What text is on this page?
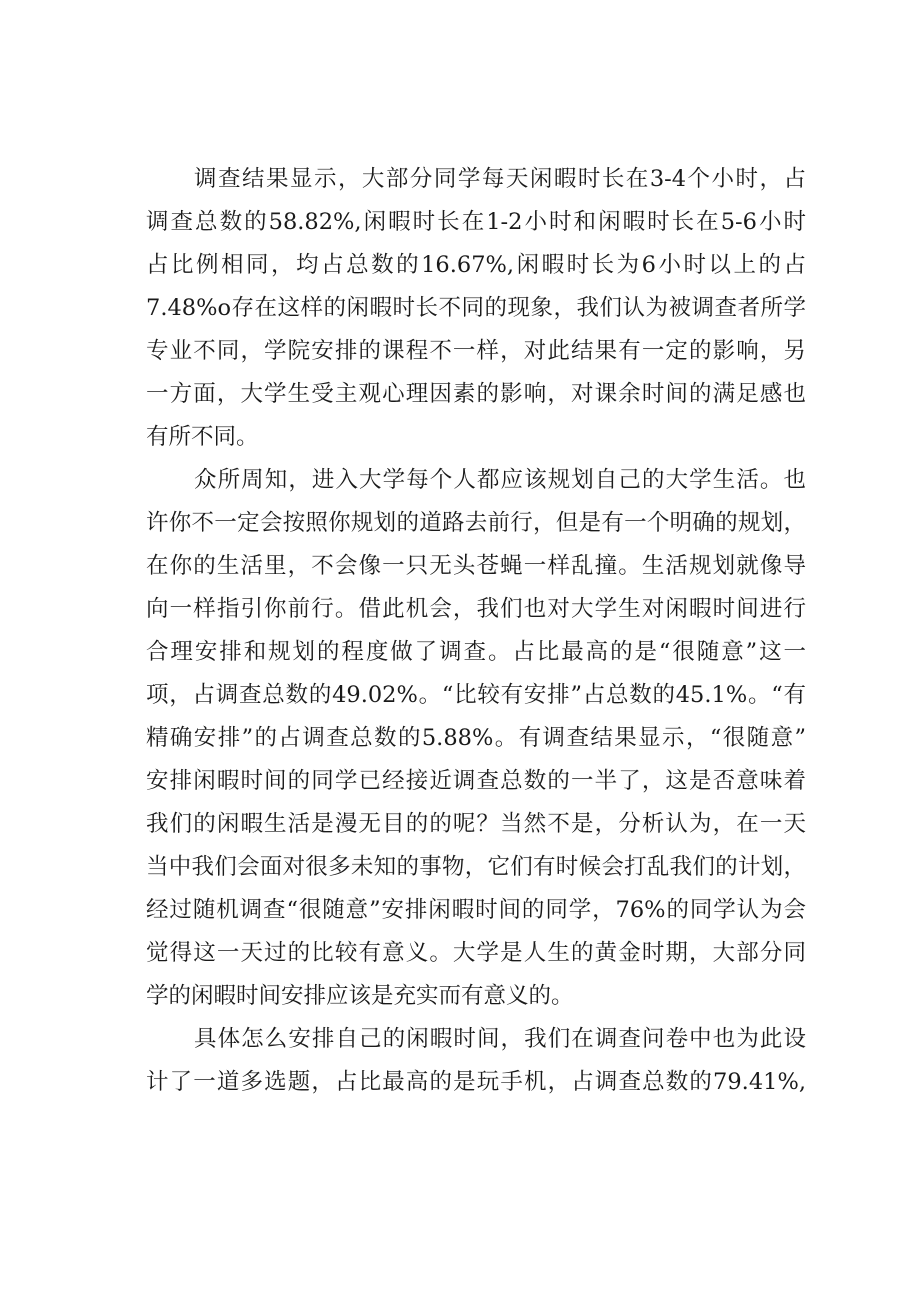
调查结果显示，大部分同学每天闲暇时长在3-4个小时，占
调查总数的58.82%,闲暇时长在1-2小时和闲暇时长在5-6小时
占比例相同，均占总数的16.67%,闲暇时长为6小时以上的占
7.48%o存在这样的闲暇时长不同的现象，我们认为被调查者所学
专业不同，学院安排的课程不一样，对此结果有一定的影响，另
一方面，大学生受主观心理因素的影响，对课余时间的满足感也
有所不同。
众所周知，进入大学每个人都应该规划自己的大学生活。也
许你不一定会按照你规划的道路去前行，但是有一个明确的规划，
在你的生活里，不会像一只无头苍蝇一样乱撞。生活规划就像导
向一样指引你前行。借此机会，我们也对大学生对闲暇时间进行
合理安排和规划的程度做了调查。占比最高的是“很随意”这一
项，占调查总数的49.02%。“比较有安排”占总数的45.1%。“有
精确安排”的占调查总数的5.88%。有调查结果显示，“很随意”
安排闲暇时间的同学已经接近调查总数的一半了，这是否意味着
我们的闲暇生活是漫无目的的呢？当然不是，分析认为，在一天
当中我们会面对很多未知的事物，它们有时候会打乱我们的计划，
经过随机调查“很随意”安排闲暇时间的同学，76%的同学认为会
觉得这一天过的比较有意义。大学是人生的黄金时期，大部分同
学的闲暇时间安排应该是充实而有意义的。
具体怎么安排自己的闲暇时间，我们在调查问卷中也为此设
计了一道多选题，占比最高的是玩手机，占调查总数的79.41%,
